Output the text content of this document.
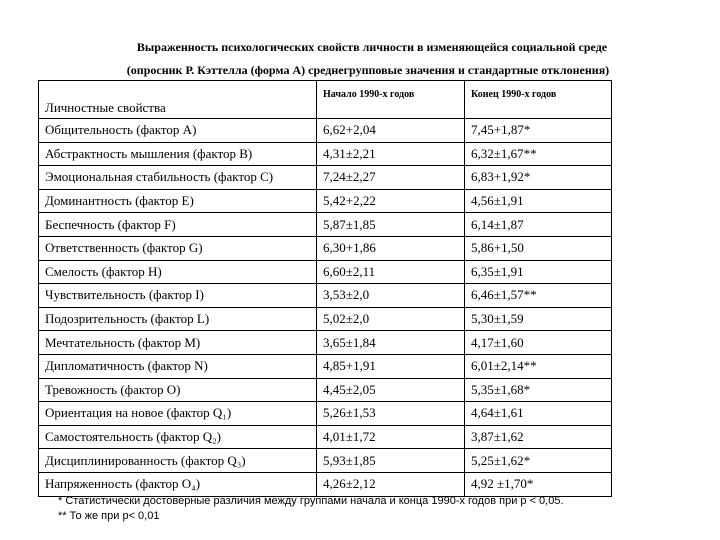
Выраженность психологических свойств личности в изменяющейся социальной среде
(опросник Р. Кэттелла (форма А) среднегрупповые значения и стандартные отклонения)
Личностные свойства	Начало 1990-х годов	Конец 1990-х годов
Общительность (фактор А)	6,62+2,04	7,45+1,87*
Абстрактность мышления (фактор В)	4,31±2,21	6,32±1,67**
Эмоциональная стабильность (фактор С)	7,24±2,27	6,83+1,92*
Доминантность (фактор Е)	5,42+2,22	4,56±1,91
Беспечность (фактор F)	5,87±1,85	6,14±1,87
Ответственность (фактор G)	6,30+1,86	5,86+1,50
Смелость (фактор Н)	6,60±2,11	6,35±1,91
Чувствительность (фактор I)	3,53±2,0	6,46±1,57**
Подозрительность (фактор L)	5,02±2,0	5,30±1,59
Мечтательность (фактор М)	3,65±1,84	4,17±1,60
Дипломатичность (фактор N)	4,85+1,91	6,01±2,14**
Тревожность (фактор О)	4,45±2,05	5,35±1,68*
Ориентация на новое (фактор Q₁)	5,26±1,53	4,64±1,61
Самостоятельность (фактор Q₂)	4,01±1,72	3,87±1,62
Дисциплинированность (фактор Q₃)	5,93±1,85	5,25±1,62*
Напряженность (фактор О₄)	4,26±2,12	4,92 ±1,70*
* Статистически достоверные различия между группами начала и конца 1990-х годов при p < 0,05.
** То же при p< 0,01
